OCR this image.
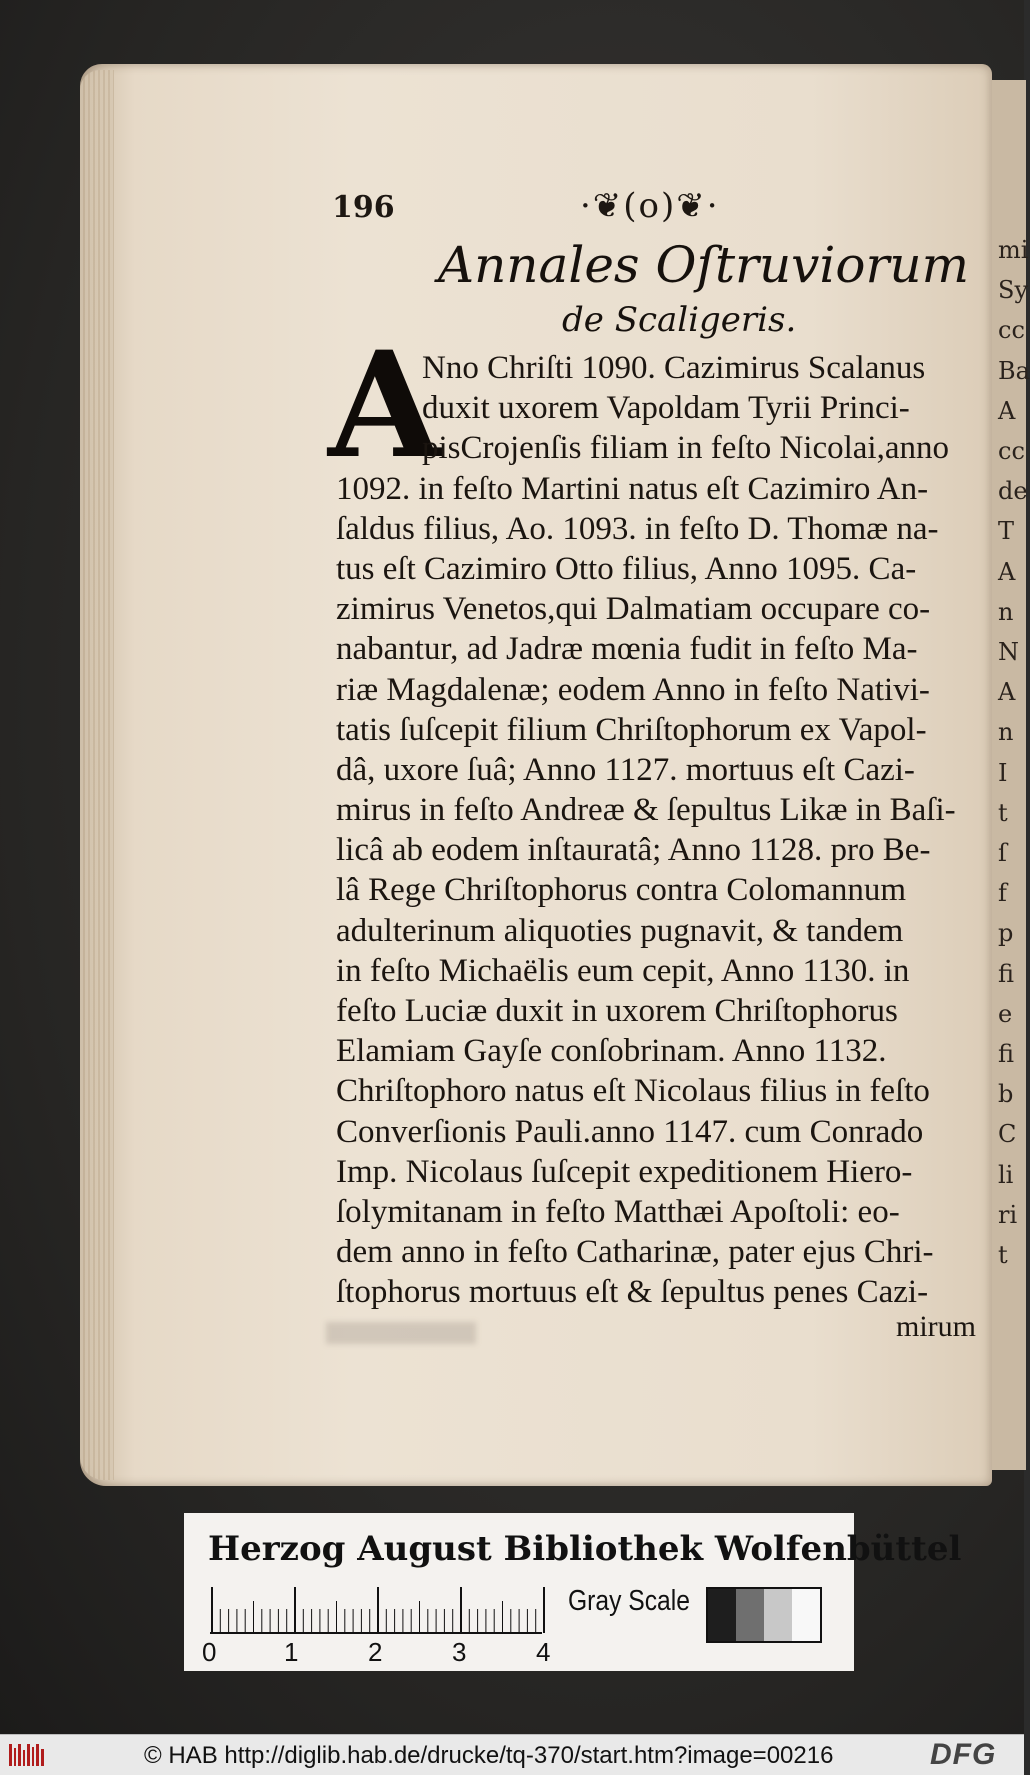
mi
Sy
cc
Ba
A
cc
de
T
A
n
N
A
n
I
t
ſ
f
p
fi
e
fi
b
C
li
ri
t
196	·❦(o)❦·
Annales Oſtruviorum
de Scaligeris.
A
Nno Chriſti 1090. Cazimirus Scalanus
duxit uxorem Vapoldam Tyrii Princi-
pisCrojenſis filiam in feſto Nicolai,anno
1092. in feſto Martini natus eſt Cazimiro An-
ſaldus filius, Ao. 1093. in feſto D. Thomæ na-
tus eſt Cazimiro Otto filius, Anno 1095. Ca-
zimirus Venetos,qui Dalmatiam occupare co-
nabantur, ad Jadræ mœnia fudit in feſto Ma-
riæ Magdalenæ; eodem Anno in feſto Nativi-
tatis ſuſcepit filium Chriſtophorum ex Vapol-
dâ, uxore ſuâ; Anno 1127. mortuus eſt Cazi-
mirus in feſto Andreæ & ſepultus Likæ in Baſi-
licâ ab eodem inſtauratâ; Anno 1128. pro Be-
lâ Rege Chriſtophorus contra Colomannum
adulterinum aliquoties pugnavit, & tandem
in feſto Michaëlis eum cepit, Anno 1130. in
feſto Luciæ duxit in uxorem Chriſtophorus
Elamiam Gayſe conſobrinam. Anno 1132.
Chriſtophoro natus eſt Nicolaus filius in feſto
Converſionis Pauli.anno 1147. cum Conrado
Imp. Nicolaus ſuſcepit expeditionem Hiero-
ſolymitanam in feſto Matthæi Apoſtoli: eo-
dem anno in feſto Catharinæ, pater ejus Chri-
ſtophorus mortuus eſt & ſepultus penes Cazi-
mirum
Herzog August Bibliothek Wolfenbüttel
0	1	2	3	4
Gray Scale
© HAB http://diglib.hab.de/drucke/tq-370/start.htm?image=00216	DFG
